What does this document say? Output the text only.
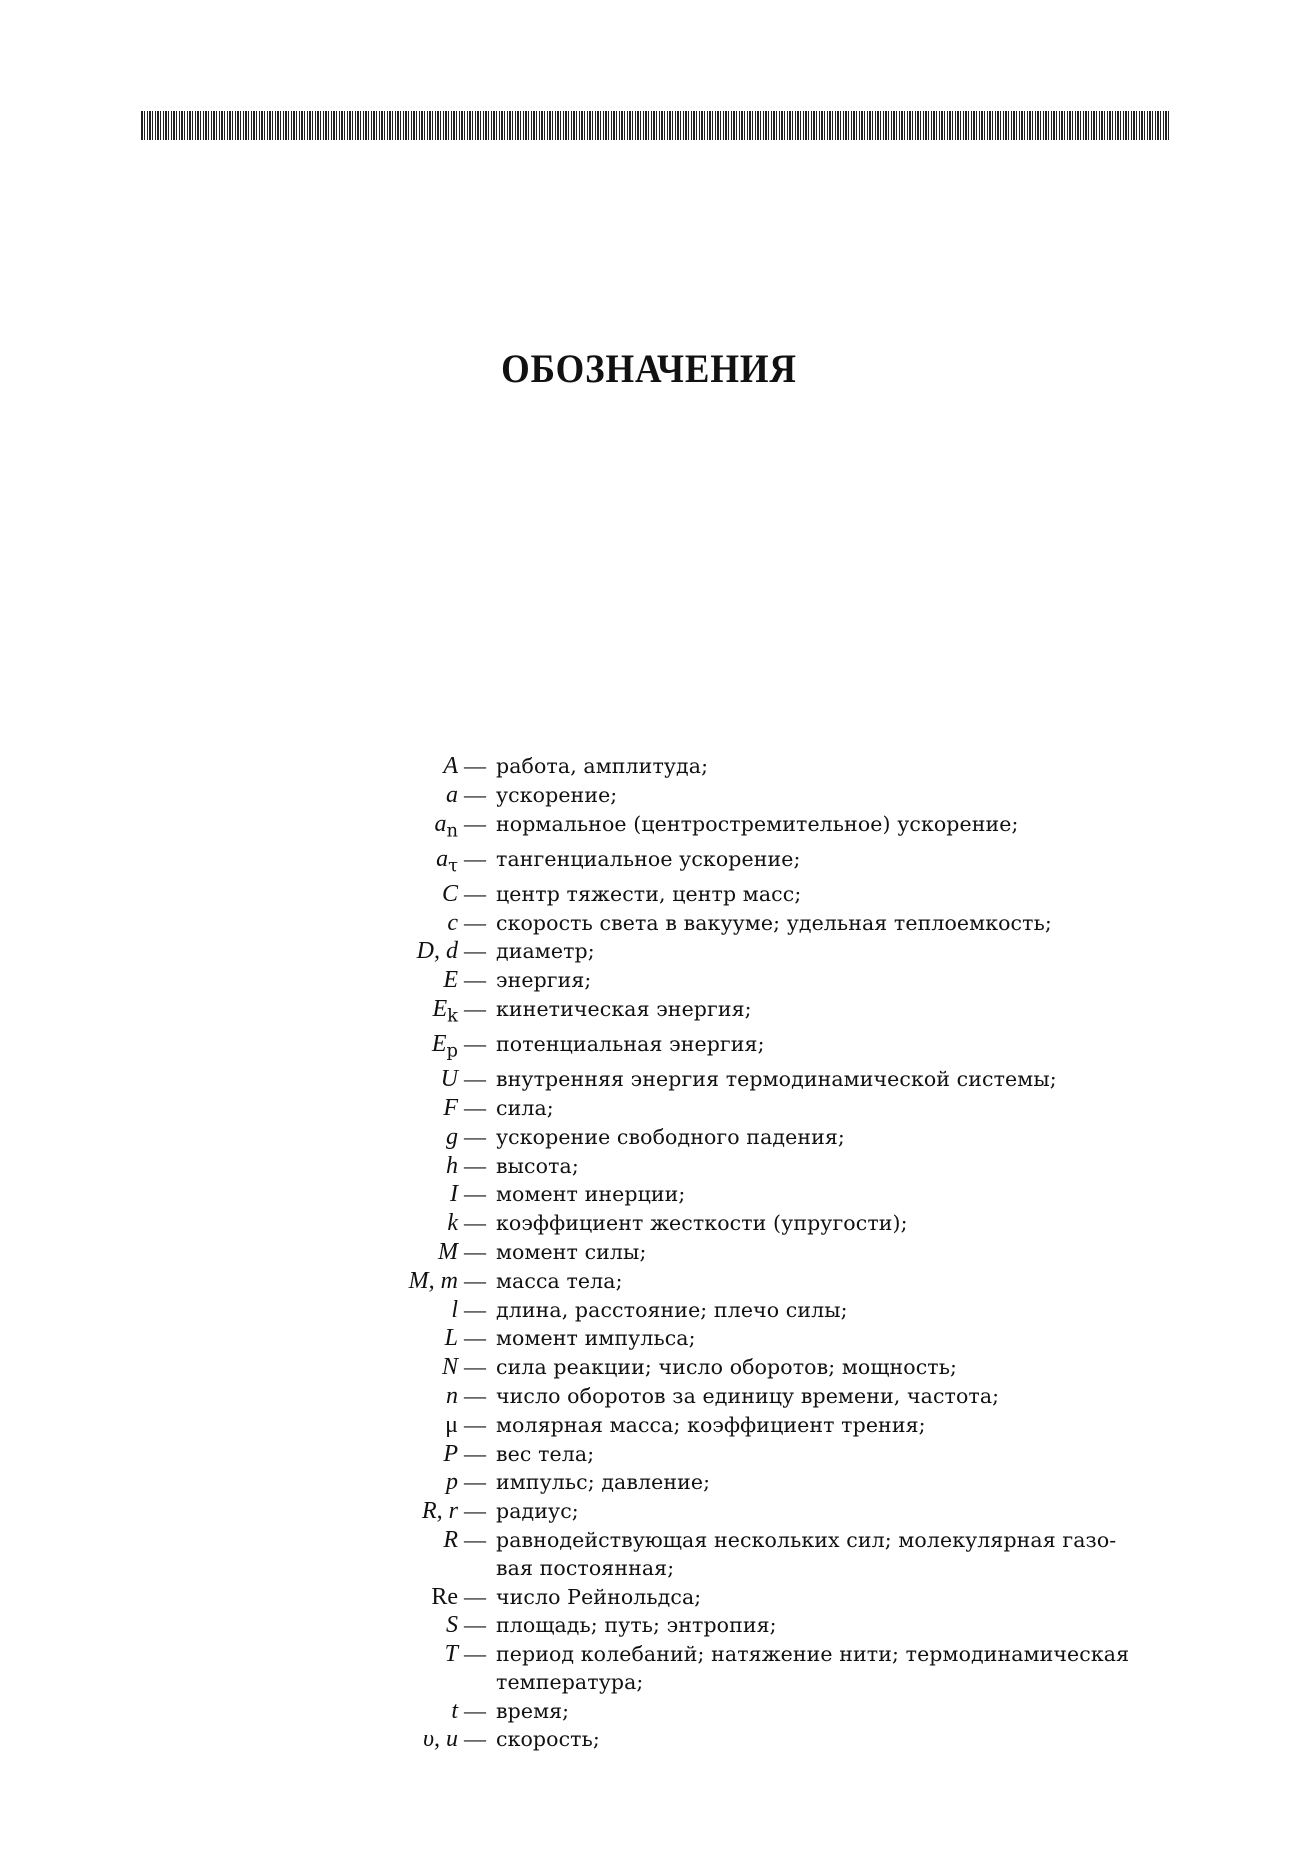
ОБОЗНАЧЕНИЯ
A — работа, амплитуда;
a — ускорение;
$a_n$ — нормальное (центростремительное) ускорение;
$a_\tau$ — тангенциальное ускорение;
C — центр тяжести, центр масс;
c — скорость света в вакууме; удельная теплоемкость;
D, d — диаметр;
E — энергия;
$E_k$ — кинетическая энергия;
$E_p$ — потенциальная энергия;
U — внутренняя энергия термодинамической системы;
F — сила;
g — ускорение свободного падения;
h — высота;
I — момент инерции;
k — коэффициент жесткости (упругости);
M — момент силы;
M, m — масса тела;
l — длина, расстояние; плечо силы;
L — момент импульса;
N — сила реакции; число оборотов; мощность;
n — число оборотов за единицу времени, частота;
μ — молярная масса; коэффициент трения;
P — вес тела;
p — импульс; давление;
R, r — радиус;
R — равнодействующая нескольких сил; молекулярная газо-
вая постоянная;
Re — число Рейнольдса;
S — площадь; путь; энтропия;
T — период колебаний; натяжение нити; термодинамическая
температура;
t — время;
υ, u — скорость;
